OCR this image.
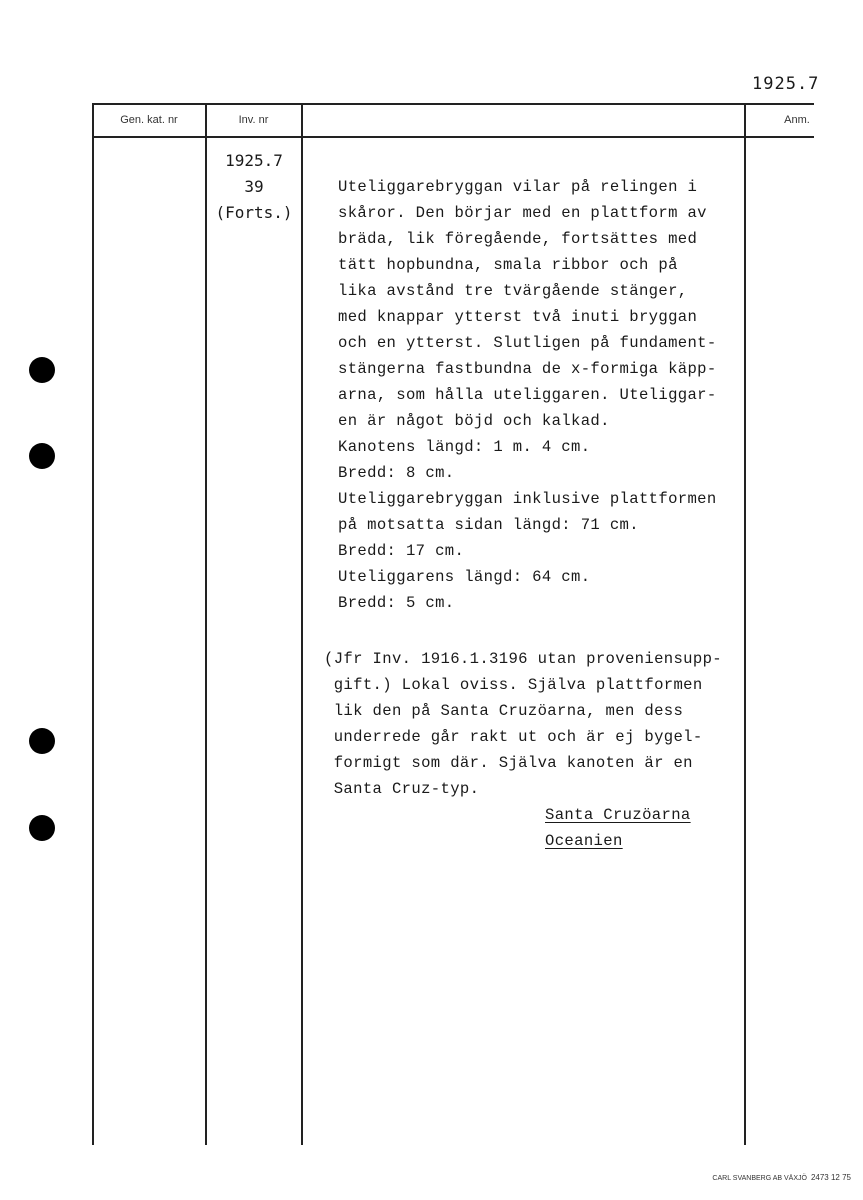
1925.7
Gen. kat. nr	Inv. nr	Anm.
1925.7
39
(Forts.)
Uteliggarebryggan vilar på relingen i
skåror. Den börjar med en plattform av
bräda, lik föregående, fortsättes med
tätt hopbundna, smala ribbor och på
lika avstånd tre tvärgående stänger,
med knappar ytterst två inuti bryggan
och en ytterst. Slutligen på fundament-
stängerna fastbundna de x-formiga käpp-
arna, som hålla uteliggaren. Uteliggar-
en är något böjd och kalkad.
Kanotens längd: 1 m. 4 cm.
Bredd: 8 cm.
Uteliggarebryggan inklusive plattformen
på motsatta sidan längd: 71 cm.
Bredd: 17 cm.
Uteliggarens längd: 64 cm.
Bredd: 5 cm.
(Jfr Inv. 1916.1.3196 utan proveniensupp-
gift.) Lokal oviss. Själva plattformen
lik den på Santa Cruzöarna, men dess
underrede går rakt ut och är ej bygel-
formigt som där. Själva kanoten är en
Santa Cruz-typ.
Santa Cruzöarna
Oceanien
CARL SVANBERG AB VÄXJÖ 2473 12 75
